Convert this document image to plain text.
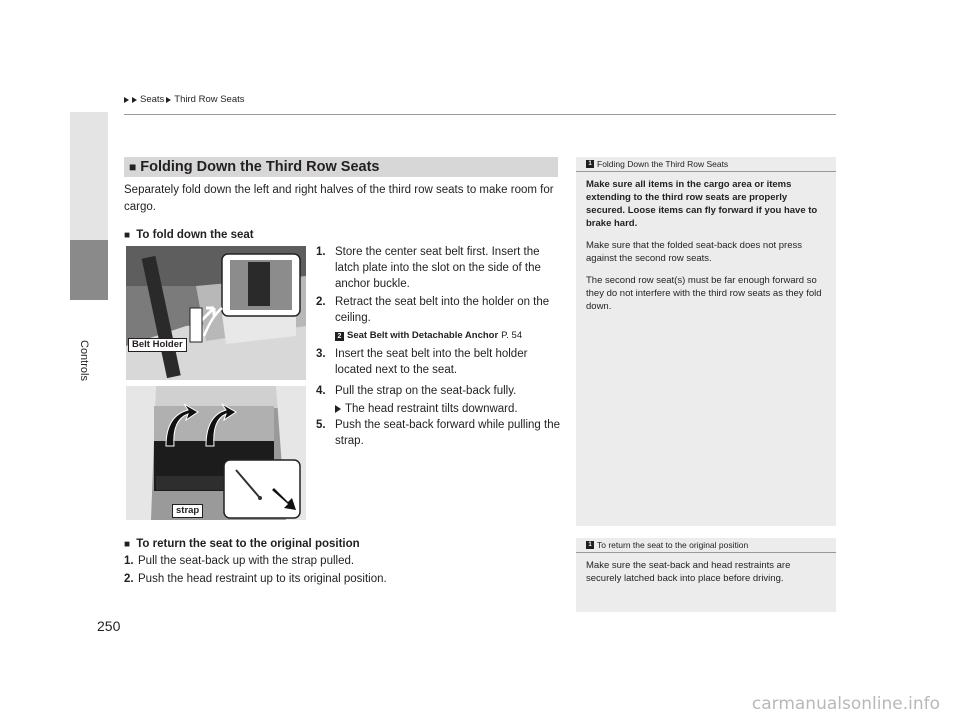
Controls
250
Seats Third Row Seats
■ Folding Down the Third Row Seats
Separately fold down the left and right halves of the third row seats to make room for cargo.
■ To fold down the seat
Belt Holder
1. Store the center seat belt first. Insert the latch plate into the slot on the side of the anchor buckle.
2. Retract the seat belt into the holder on the ceiling.
2 Seat Belt with Detachable Anchor P. 54
3. Insert the seat belt into the belt holder located next to the seat.
strap
4. Pull the strap on the seat-back fully.
The head restraint tilts downward.
5. Push the seat-back forward while pulling the strap.
■ To return the seat to the original position
1. Pull the seat-back up with the strap pulled.
2. Push the head restraint up to its original position.
1 Folding Down the Third Row Seats

Make sure all items in the cargo area or items extending to the third row seats are properly secured. Loose items can fly forward if you have to brake hard.

Make sure that the folded seat-back does not press against the second row seats.

The second row seat(s) must be far enough forward so they do not interfere with the third row seats as they fold down.

1 To return the seat to the original position

Make sure the seat-back and head restraints are securely latched back into place before driving.

carmanualsonline.info
